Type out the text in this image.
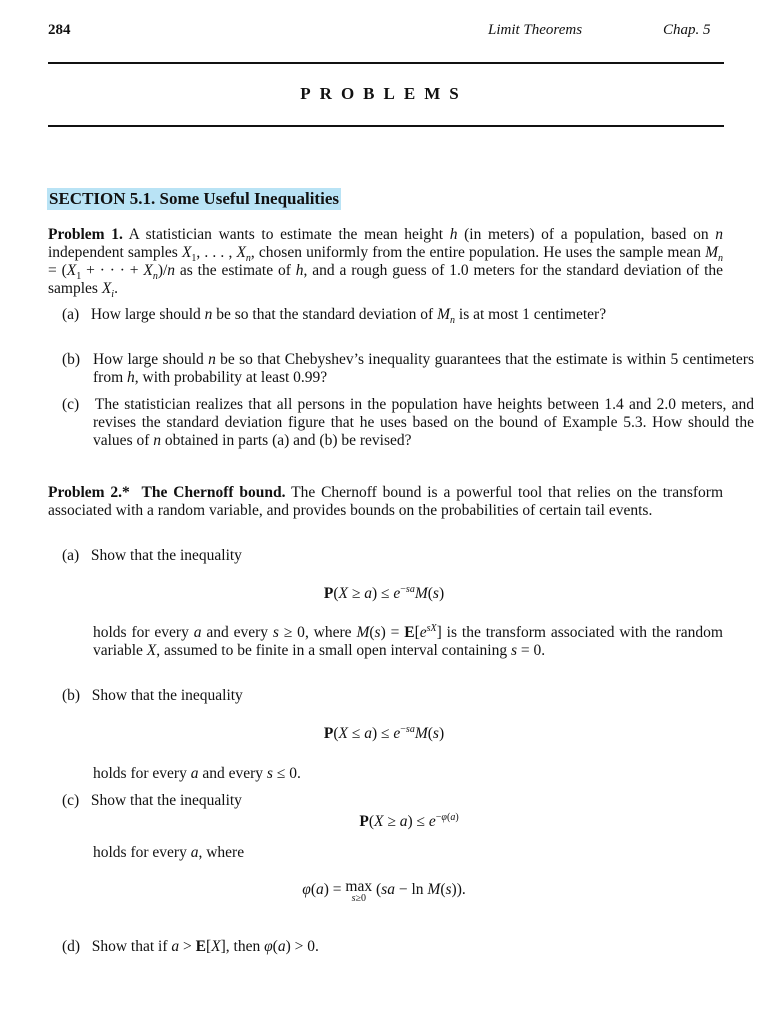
284	Limit Theorems	Chap. 5
PROBLEMS
SECTION 5.1. Some Useful Inequalities
Problem 1. A statistician wants to estimate the mean height h (in meters) of a population, based on n independent samples $X_1$, . . . , $X_n$, chosen uniformly from the entire population. He uses the sample mean $M_n = (X_1$ + · · · + $X_n)/n$ as the estimate of h, and a rough guess of 1.0 meters for the standard deviation of the samples $X_i$.
(a) How large should n be so that the standard deviation of $M_n$ is at most 1 centimeter?
(b) How large should n be so that Chebyshev’s inequality guarantees that the estimate is within 5 centimeters from h, with probability at least 0.99?
(c) The statistician realizes that all persons in the population have heights between 1.4 and 2.0 meters, and revises the standard deviation figure that he uses based on the bound of Example 5.3. How should the values of n obtained in parts (a) and (b) be revised?
Problem 2.* The Chernoff bound. The Chernoff bound is a powerful tool that relies on the transform associated with a random variable, and provides bounds on the probabilities of certain tail events.
(a) Show that the inequality
$P(X \ge a) \le e^{-sa}M(s)$
holds for every a and every s ≥ 0, where $M(s) = E[e^{sX}]$ is the transform associated with the random variable X, assumed to be finite in a small open interval containing s = 0.
(b) Show that the inequality
$P(X \le a) \le e^{-sa}M(s)$
holds for every a and every s ≤ 0.
(c) Show that the inequality
$P(X \ge a) \le e^{-\varphi(a)}$
holds for every a, where
φ(a) = max
s≥0
(sa − ln M(s)).
(d) Show that if a > E[X], then φ(a) > 0.
